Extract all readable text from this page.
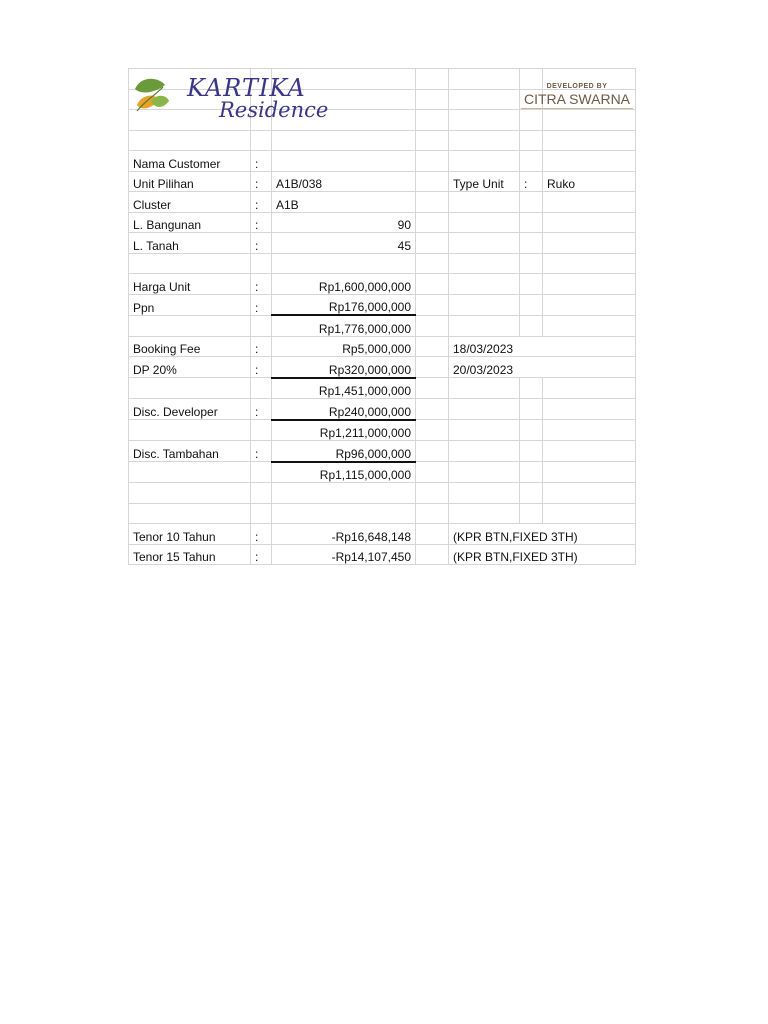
KARTIKA
Residence
DEVELOPED BY
CITRA SWARNA						

Nama Customer	:					
Unit Pilihan	:	A1B/038		Type Unit	:	Ruko
Cluster	:	A1B				
L. Bangunan	:	90				
L. Tanah	:	45				

Harga Unit	:	Rp1,600,000,000				
Ppn	:	Rp176,000,000				
		Rp1,776,000,000				
Booking Fee	:	Rp5,000,000		18/03/2023		
DP 20%	:	Rp320,000,000		20/03/2023		
		Rp1,451,000,000				
Disc. Developer	:	Rp240,000,000				
		Rp1,211,000,000				
Disc. Tambahan	:	Rp96,000,000				
		Rp1,115,000,000				

Tenor 10 Tahun	:	-Rp16,648,148		(KPR BTN,FIXED 3TH)		
Tenor 15 Tahun	:	-Rp14,107,450		(KPR BTN,FIXED 3TH)		
